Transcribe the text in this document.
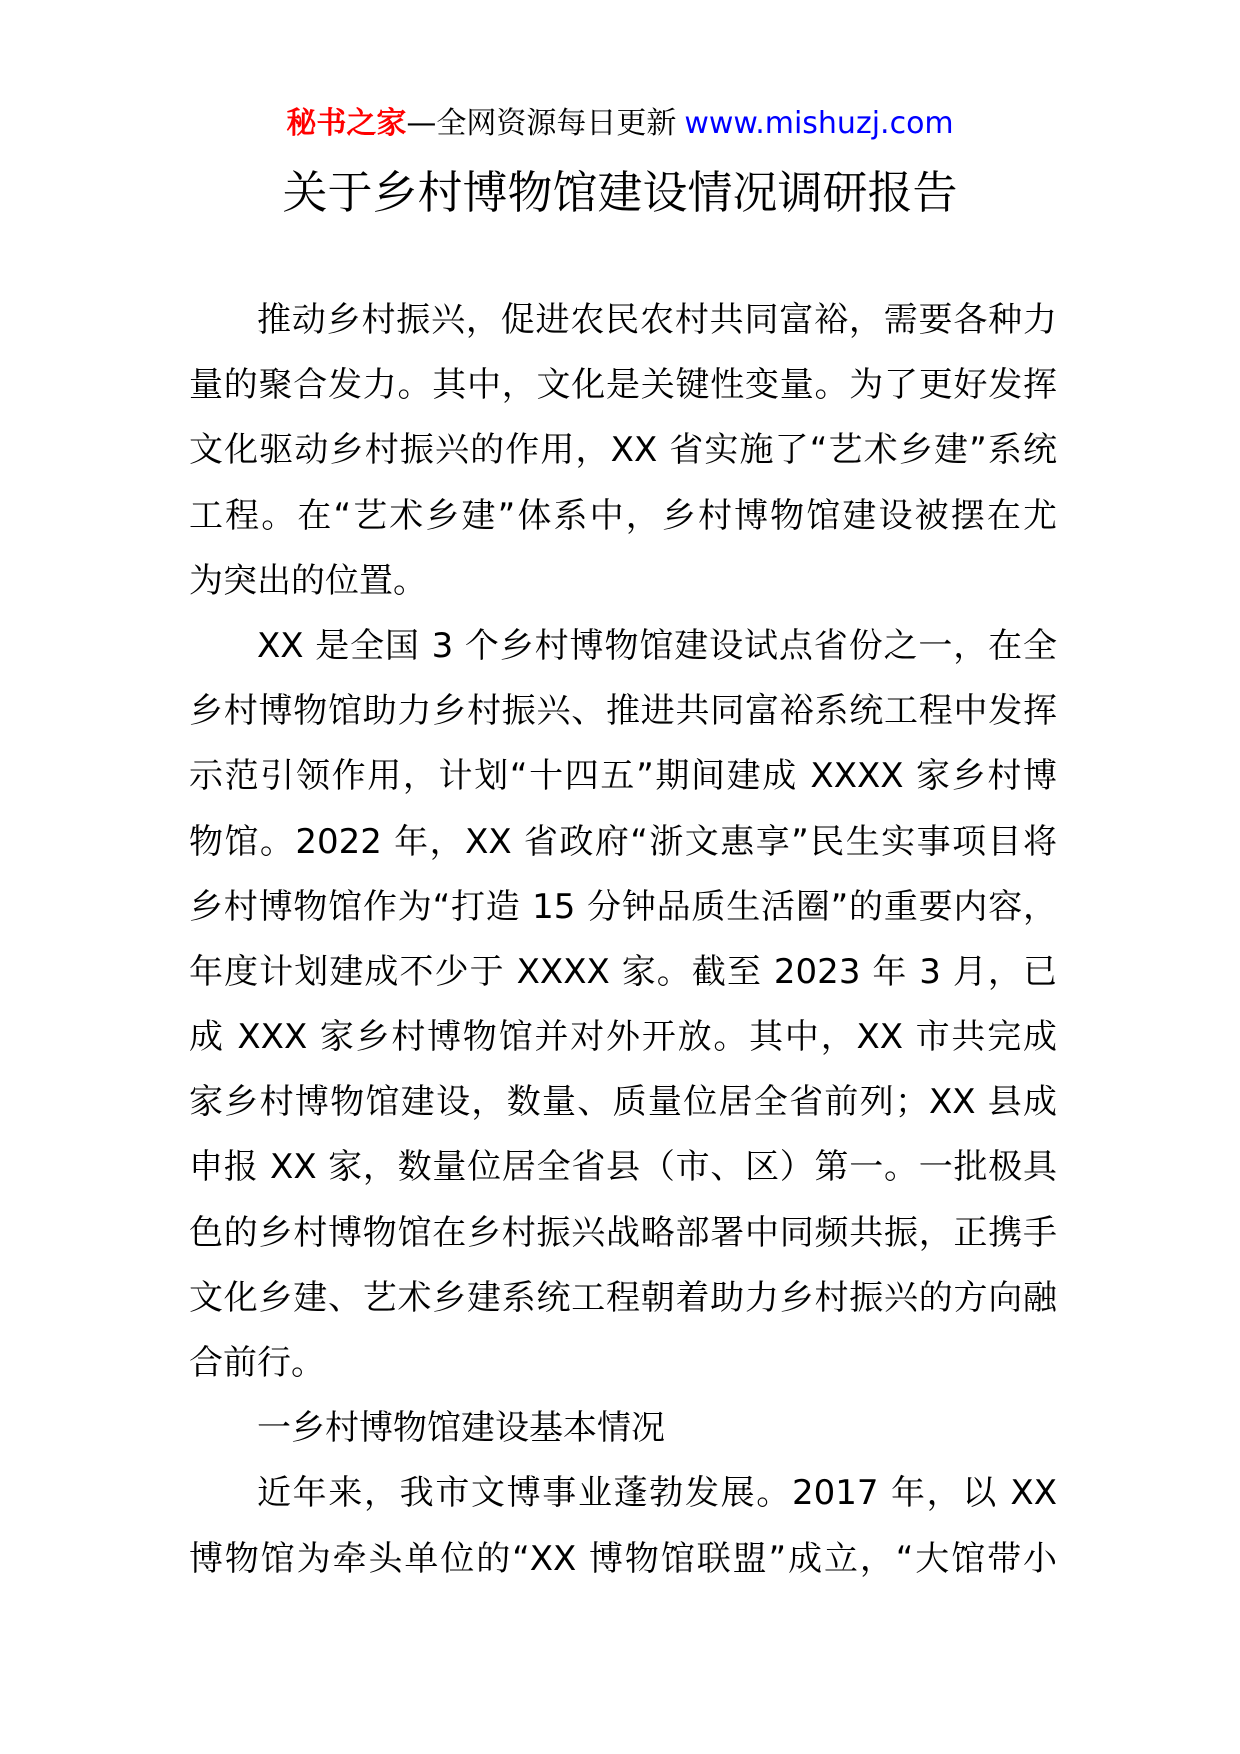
秘书之家—全网资源每日更新 www.mishuzj.com
关于乡村博物馆建设情况调研报告
推动乡村振兴，促进农民农村共同富裕，需要各种力
量的聚合发力。其中，文化是关键性变量。为了更好发挥
文化驱动乡村振兴的作用，XX 省实施了“艺术乡建”系统
工程。在“艺术乡建”体系中，乡村博物馆建设被摆在尤
为突出的位置。
XX 是全国 3 个乡村博物馆建设试点省份之一，在全
乡村博物馆助力乡村振兴、推进共同富裕系统工程中发挥
示范引领作用，计划“十四五”期间建成 XXXX 家乡村博
物馆。2022 年，XX 省政府“浙文惠享”民生实事项目将
乡村博物馆作为“打造 15 分钟品质生活圈”的重要内容，
年度计划建成不少于 XXXX 家。截至 2023 年 3 月，已
成 XXX 家乡村博物馆并对外开放。其中，XX 市共完成
家乡村博物馆建设，数量、质量位居全省前列；XX 县成
申报 XX 家，数量位居全省县（市、区）第一。一批极具
色的乡村博物馆在乡村振兴战略部署中同频共振，正携手
文化乡建、艺术乡建系统工程朝着助力乡村振兴的方向融
合前行。
一乡村博物馆建设基本情况
近年来，我市文博事业蓬勃发展。2017 年，以 XX
博物馆为牵头单位的“XX 博物馆联盟”成立，“大馆带小
